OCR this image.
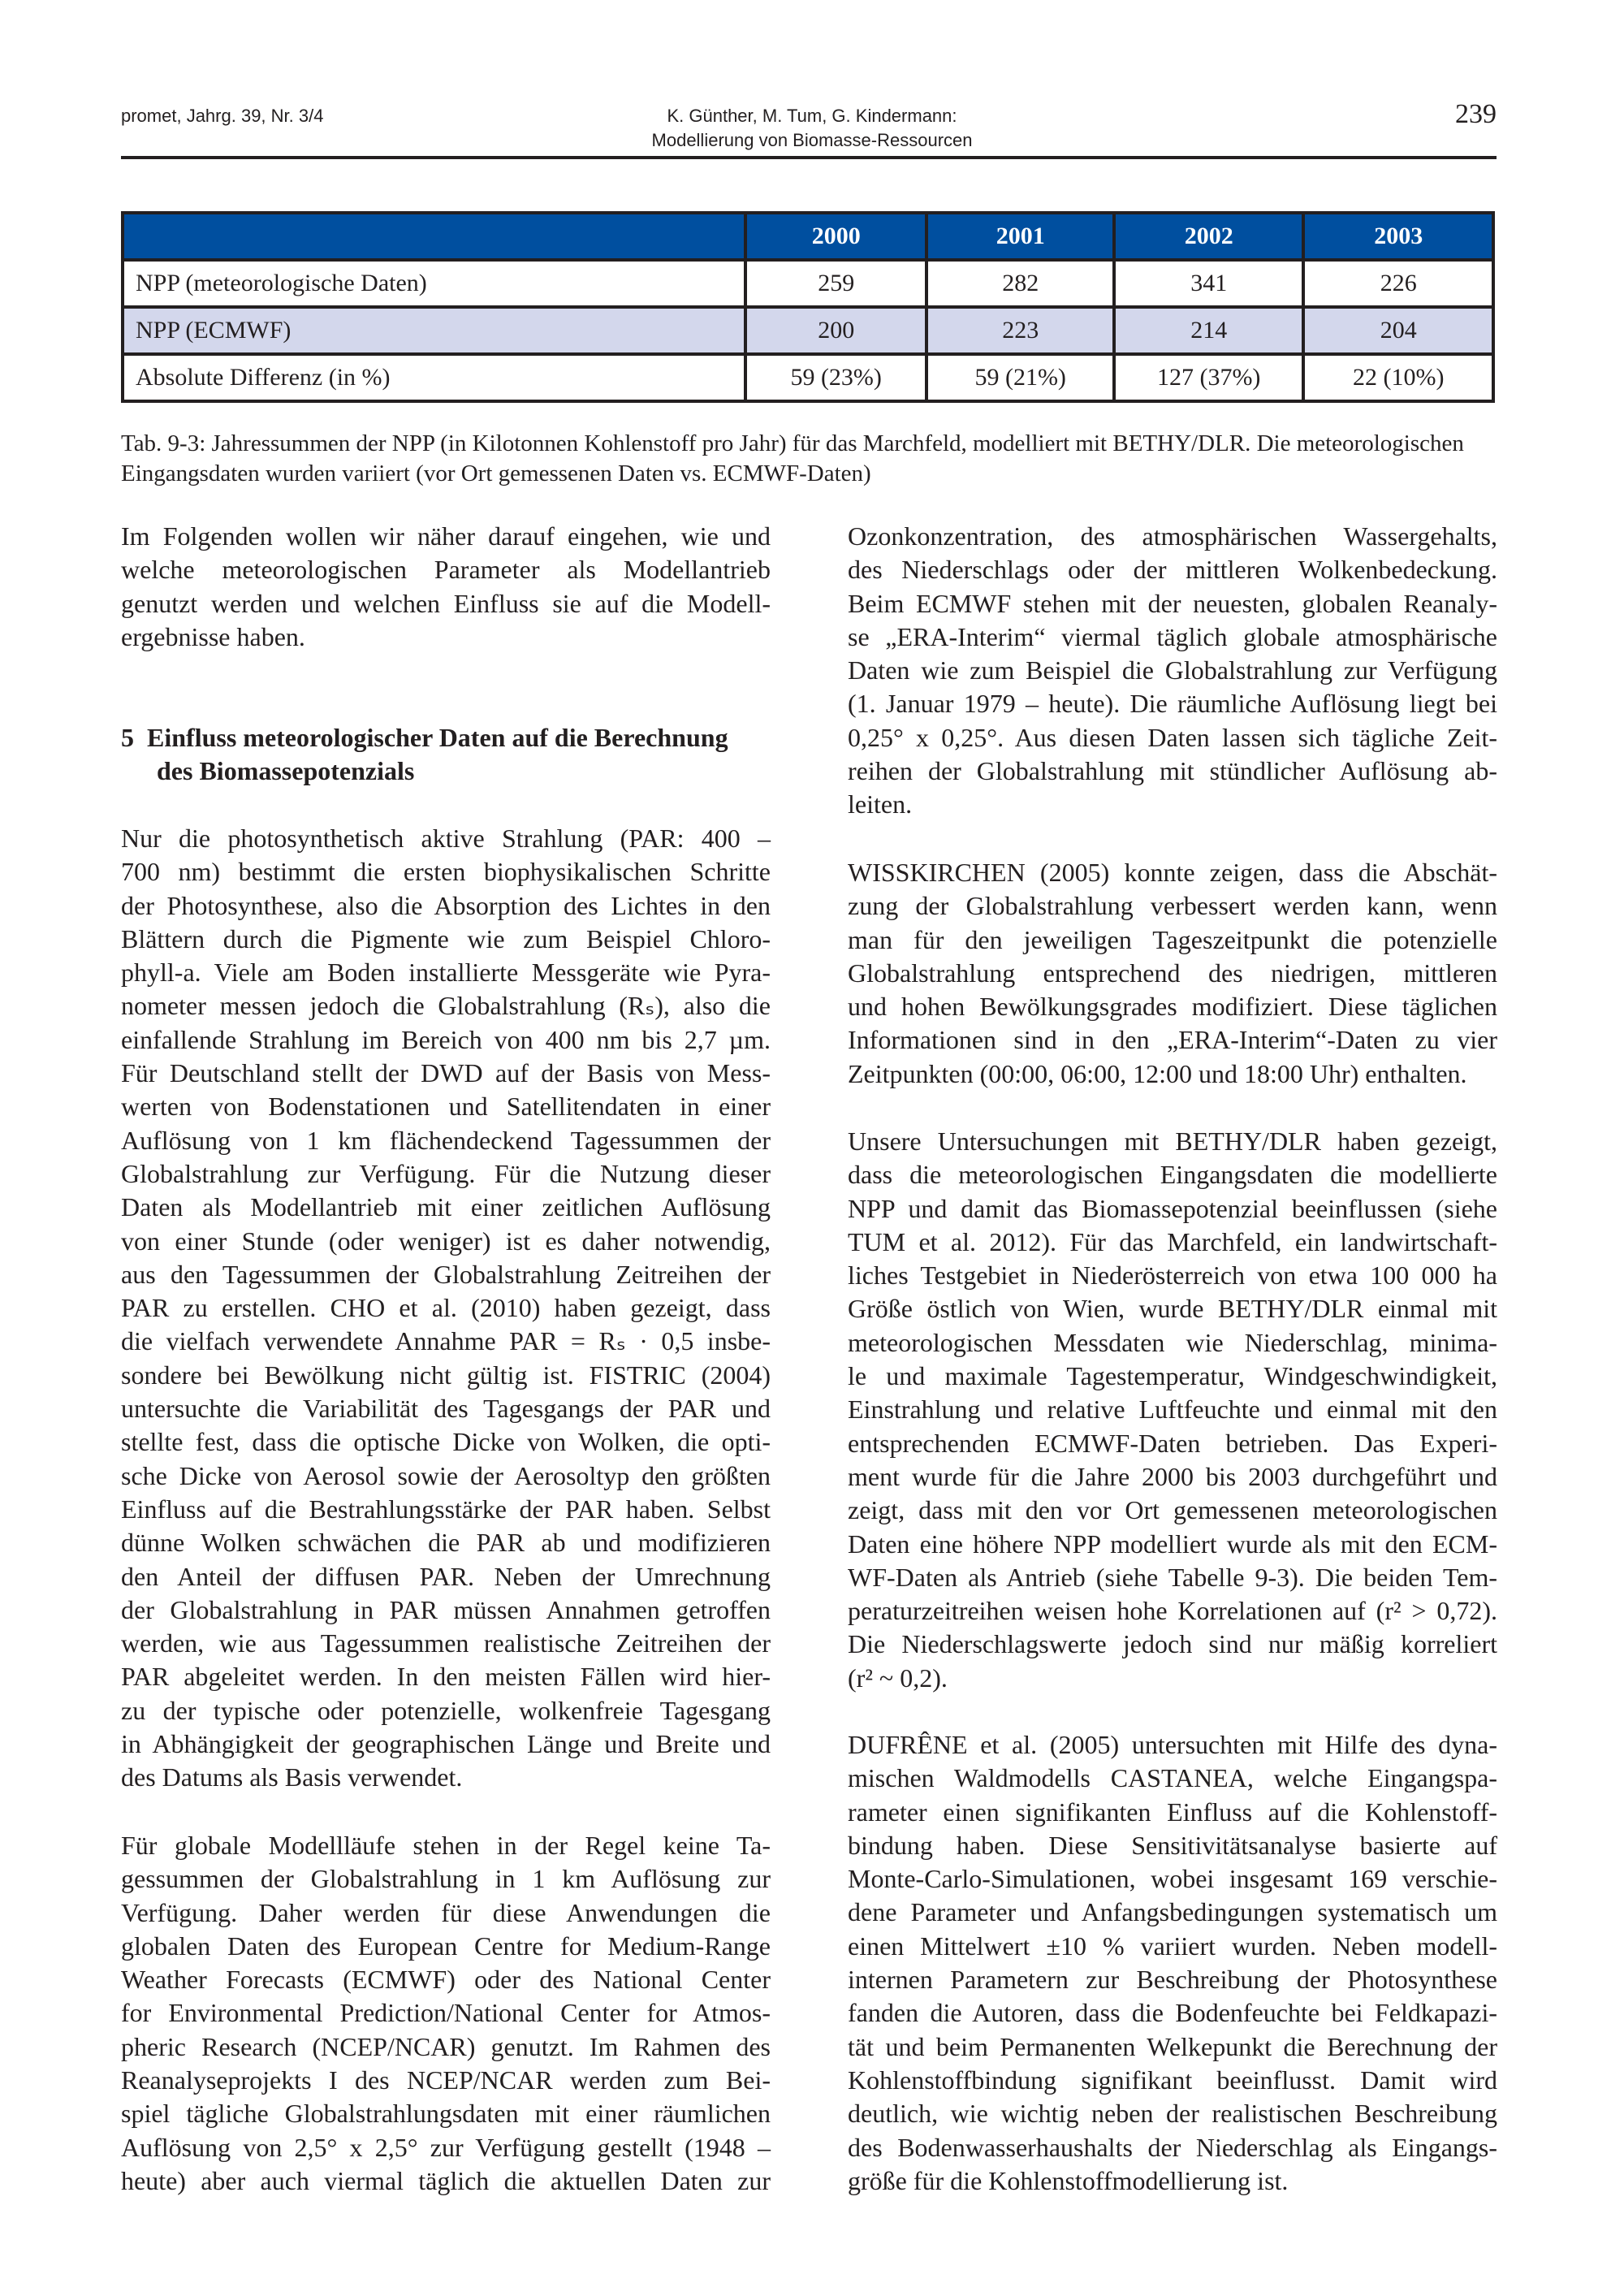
promet, Jahrg. 39, Nr. 3/4	K. Günther, M. Tum, G. Kindermann:
Modellierung von Biomasse-Ressourcen
239
	2000	2001	2002	2003
NPP (meteorologische Daten)	259	282	341	226
NPP (ECMWF)	200	223	214	204
Absolute Differenz (in %)	59 (23%)	59 (21%)	127 (37%)	22 (10%)
Tab. 9-3: Jahressummen der NPP (in Kilotonnen Kohlenstoff pro Jahr) für das Marchfeld, modelliert mit BETHY/DLR. Die meteorologischen Eingangsdaten wurden variiert (vor Ort gemessenen Daten vs. ECMWF-Daten)
Im Folgenden wollen wir näher darauf eingehen, wie und
welche meteorologischen Parameter als Modellantrieb
genutzt werden und welchen Einfluss sie auf die Modell-
ergebnisse haben.
5 Einfluss meteorologischer Daten auf die Berechnung
des Biomassepotenzials
Nur die photosynthetisch aktive Strahlung (PAR: 400 –
700 nm) bestimmt die ersten biophysikalischen Schritte
der Photosynthese, also die Absorption des Lichtes in den
Blättern durch die Pigmente wie zum Beispiel Chloro-
phyll-a. Viele am Boden installierte Messgeräte wie Pyra-
nometer messen jedoch die Globalstrahlung (Rₛ), also die
einfallende Strahlung im Bereich von 400 nm bis 2,7 µm.
Für Deutschland stellt der DWD auf der Basis von Mess-
werten von Bodenstationen und Satellitendaten in einer
Auflösung von 1 km flächendeckend Tagessummen der
Globalstrahlung zur Verfügung. Für die Nutzung dieser
Daten als Modellantrieb mit einer zeitlichen Auflösung
von einer Stunde (oder weniger) ist es daher notwendig,
aus den Tagessummen der Globalstrahlung Zeitreihen der
PAR zu erstellen. CHO et al. (2010) haben gezeigt, dass
die vielfach verwendete Annahme PAR = Rₛ · 0,5 insbe-
sondere bei Bewölkung nicht gültig ist. FISTRIC (2004)
untersuchte die Variabilität des Tagesgangs der PAR und
stellte fest, dass die optische Dicke von Wolken, die opti-
sche Dicke von Aerosol sowie der Aerosoltyp den größten
Einfluss auf die Bestrahlungsstärke der PAR haben. Selbst
dünne Wolken schwächen die PAR ab und modifizieren
den Anteil der diffusen PAR. Neben der Umrechnung
der Globalstrahlung in PAR müssen Annahmen getroffen
werden, wie aus Tagessummen realistische Zeitreihen der
PAR abgeleitet werden. In den meisten Fällen wird hier-
zu der typische oder potenzielle, wolkenfreie Tagesgang
in Abhängigkeit der geographischen Länge und Breite und
des Datums als Basis verwendet.
Für globale Modellläufe stehen in der Regel keine Ta-
gessummen der Globalstrahlung in 1 km Auflösung zur
Verfügung. Daher werden für diese Anwendungen die
globalen Daten des European Centre for Medium-Range
Weather Forecasts (ECMWF) oder des National Center
for Environmental Prediction/National Center for Atmos-
pheric Research (NCEP/NCAR) genutzt. Im Rahmen des
Reanalyseprojekts I des NCEP/NCAR werden zum Bei-
spiel tägliche Globalstrahlungsdaten mit einer räumlichen
Auflösung von 2,5° x 2,5° zur Verfügung gestellt (1948 –
heute) aber auch viermal täglich die aktuellen Daten zur
Ozonkonzentration, des atmosphärischen Wassergehalts,
des Niederschlags oder der mittleren Wolkenbedeckung.
Beim ECMWF stehen mit der neuesten, globalen Reanaly-
se „ERA-Interim“ viermal täglich globale atmosphärische
Daten wie zum Beispiel die Globalstrahlung zur Verfügung
(1. Januar 1979 – heute). Die räumliche Auflösung liegt bei
0,25° x 0,25°. Aus diesen Daten lassen sich tägliche Zeit-
reihen der Globalstrahlung mit stündlicher Auflösung ab-
leiten.
WISSKIRCHEN (2005) konnte zeigen, dass die Abschät-
zung der Globalstrahlung verbessert werden kann, wenn
man für den jeweiligen Tageszeitpunkt die potenzielle
Globalstrahlung entsprechend des niedrigen, mittleren
und hohen Bewölkungsgrades modifiziert. Diese täglichen
Informationen sind in den „ERA-Interim“-Daten zu vier
Zeitpunkten (00:00, 06:00, 12:00 und 18:00 Uhr) enthalten.
Unsere Untersuchungen mit BETHY/DLR haben gezeigt,
dass die meteorologischen Eingangsdaten die modellierte
NPP und damit das Biomassepotenzial beeinflussen (siehe
TUM et al. 2012). Für das Marchfeld, ein landwirtschaft-
liches Testgebiet in Niederösterreich von etwa 100 000 ha
Größe östlich von Wien, wurde BETHY/DLR einmal mit
meteorologischen Messdaten wie Niederschlag, minima-
le und maximale Tagestemperatur, Windgeschwindigkeit,
Einstrahlung und relative Luftfeuchte und einmal mit den
entsprechenden ECMWF-Daten betrieben. Das Experi-
ment wurde für die Jahre 2000 bis 2003 durchgeführt und
zeigt, dass mit den vor Ort gemessenen meteorologischen
Daten eine höhere NPP modelliert wurde als mit den ECM-
WF-Daten als Antrieb (siehe Tabelle 9-3). Die beiden Tem-
peraturzeitreihen weisen hohe Korrelationen auf (r² > 0,72).
Die Niederschlagswerte jedoch sind nur mäßig korreliert
(r² ~ 0,2).
DUFRÊNE et al. (2005) untersuchten mit Hilfe des dyna-
mischen Waldmodells CASTANEA, welche Eingangspa-
rameter einen signifikanten Einfluss auf die Kohlenstoff-
bindung haben. Diese Sensitivitätsanalyse basierte auf
Monte-Carlo-Simulationen, wobei insgesamt 169 verschie-
dene Parameter und Anfangsbedingungen systematisch um
einen Mittelwert ±10 % variiert wurden. Neben modell-
internen Parametern zur Beschreibung der Photosynthese
fanden die Autoren, dass die Bodenfeuchte bei Feldkapazi-
tät und beim Permanenten Welkepunkt die Berechnung der
Kohlenstoffbindung signifikant beeinflusst. Damit wird
deutlich, wie wichtig neben der realistischen Beschreibung
des Bodenwasserhaushalts der Niederschlag als Eingangs-
größe für die Kohlenstoffmodellierung ist.
